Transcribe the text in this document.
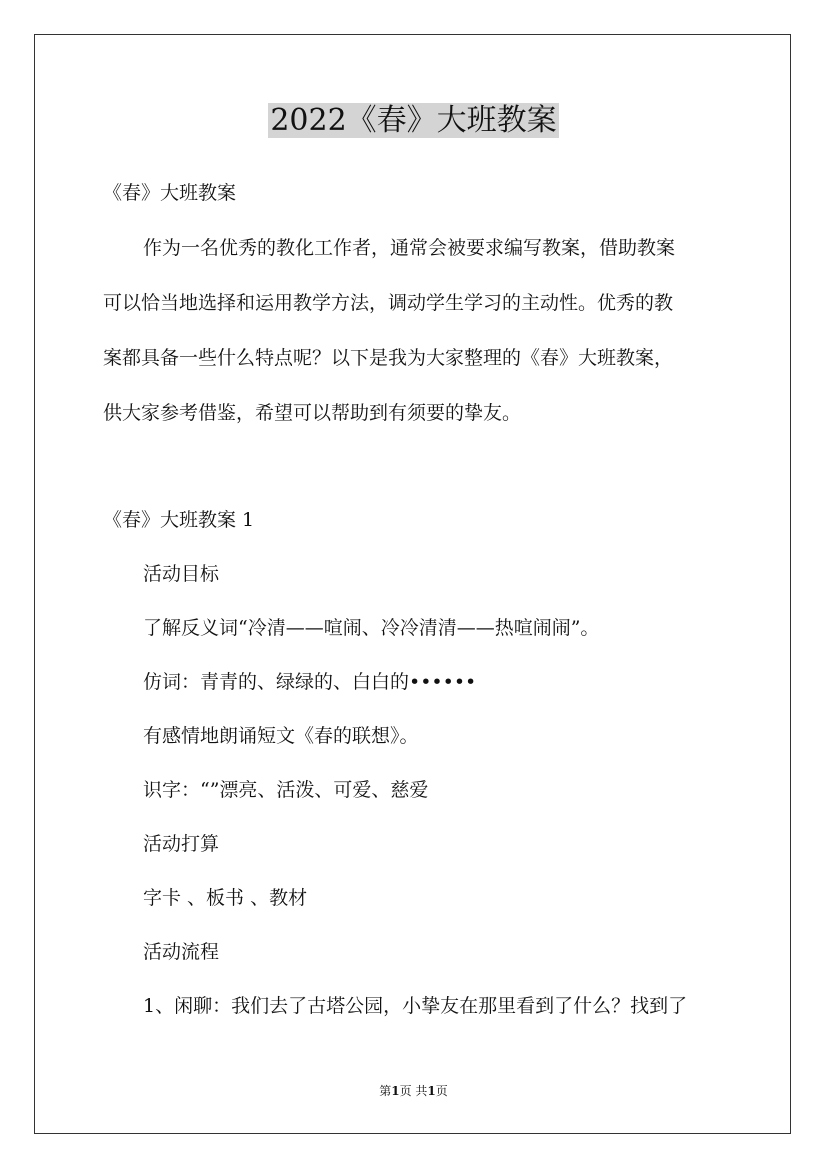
2022《春》大班教案
《春》大班教案
作为一名优秀的教化工作者，通常会被要求编写教案，借助教案
可以恰当地选择和运用教学方法，调动学生学习的主动性。优秀的教
案都具备一些什么特点呢？以下是我为大家整理的《春》大班教案，
供大家参考借鉴，希望可以帮助到有须要的挚友。
《春》大班教案 1
活动目标
了解反义词“冷清——喧闹、冷冷清清——热喧闹闹”。
仿词：青青的、绿绿的、白白的••••••
有感情地朗诵短文《春的联想》。
识字：“”漂亮、活泼、可爱、慈爱
活动打算
字卡 、板书 、教材
活动流程
1、闲聊：我们去了古塔公园，小挚友在那里看到了什么？找到了
第1页 共1页
